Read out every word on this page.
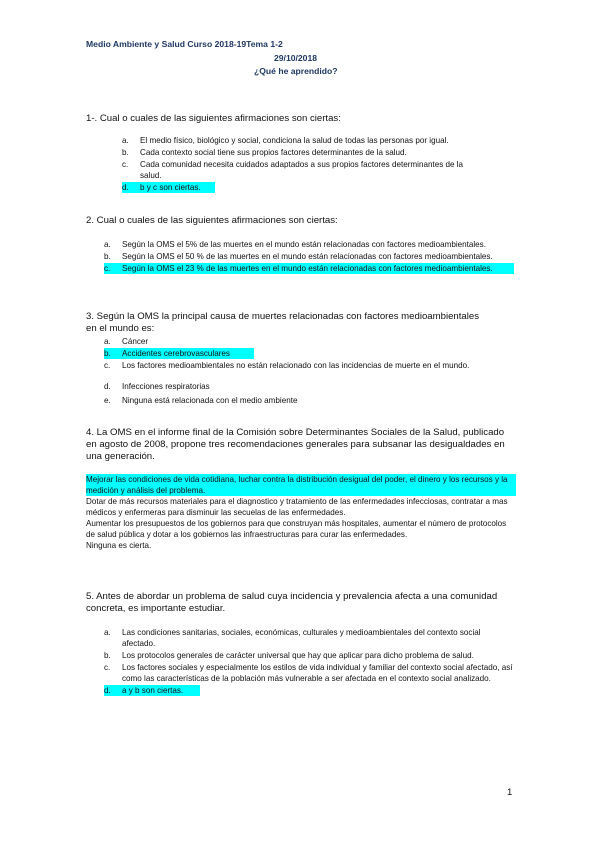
Medio Ambiente y Salud Curso 2018-19Tema 1-2
29/10/2018
¿Qué he aprendido?
1-. Cual o cuales de las siguientes afirmaciones son ciertas:
a.	El medio físico, biológico y social, condiciona la salud de todas las personas por igual.
b.	Cada contexto social tiene sus propios factores determinantes de la salud.
c.	Cada comunidad necesita cuidados adaptados a sus propios factores determinantes de la salud.
d.	b y c son ciertas.
2. Cual o cuales de las siguientes afirmaciones son ciertas:
a.	Según la OMS el 5% de las muertes en el mundo están relacionadas con factores medioambientales.
b.	Según la OMS el 50 % de las muertes en el mundo están relacionadas con factores medioambientales.
c.	Según la OMS el 23 % de las muertes en el mundo están relacionadas con factores medioambientales.
3. Según la OMS la principal causa de muertes relacionadas con factores medioambientales en el mundo es:
a.	Cáncer
b.	Accidentes cerebrovasculares
c.	Los factores medioambientales no están relacionado con las incidencias de muerte en el mundo.
d.	Infecciones respiratorias
e.	Ninguna está relacionada con el medio ambiente
4. La OMS en el informe final de la Comisión sobre Determinantes Sociales de la Salud, publicado en agosto de 2008, propone tres recomendaciones generales para subsanar las desigualdades en una generación.
Mejorar las condiciones de vida cotidiana, luchar contra la distribución desigual del poder, el dinero y los recursos y la medición y análisis del problema.
Dotar de más recursos materiales para el diagnostico y tratamiento de las enfermedades infecciosas, contratar a mas médicos y enfermeras para disminuir las secuelas de las enfermedades.
Aumentar los presupuestos de los gobiernos para que construyan más hospitales, aumentar el número de protocolos de salud pública y dotar a los gobiernos las infraestructuras para curar las enfermedades.
Ninguna es cierta.
5. Antes de abordar un problema de salud cuya incidencia y prevalencia afecta a una comunidad concreta, es importante estudiar.
a.	Las condiciones sanitarias, sociales, económicas, culturales y medioambientales del contexto social afectado.
b.	Los protocolos generales de carácter universal que hay que aplicar para dicho problema de salud.
c.	Los factores sociales y especialmente los estilos de vida individual y familiar del contexto social afectado, así como las características de la población más vulnerable a ser afectada en el contexto social analizado.
d.	a y b son ciertas.
1
